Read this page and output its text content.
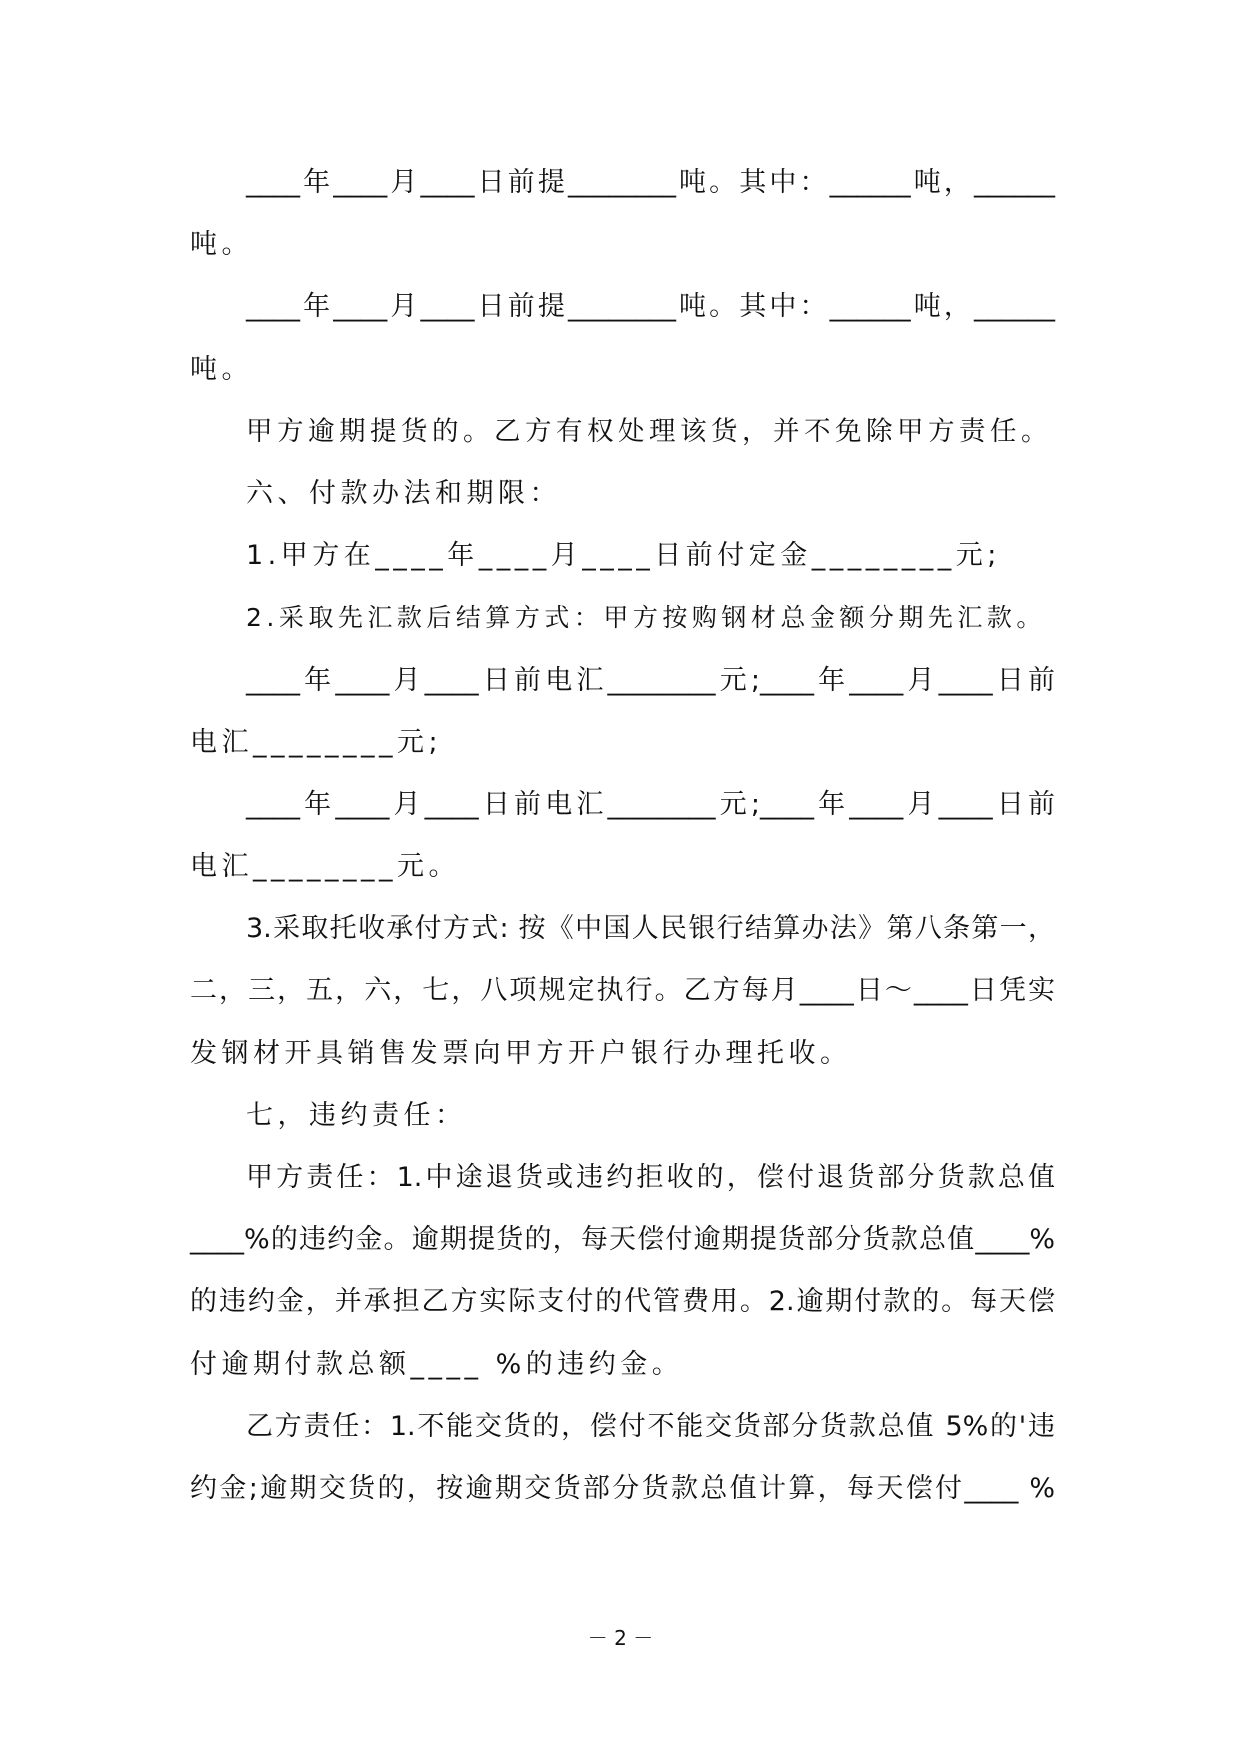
____年____月____日前提________吨。其中：______吨，______
吨。
____年____月____日前提________吨。其中：______吨，______
吨。
甲方逾期提货的。乙方有权处理该货，并不免除甲方责任。
六、付款办法和期限：
1.甲方在____年____月____日前付定金________元;
2.采取先汇款后结算方式：甲方按购钢材总金额分期先汇款。
____年____月____日前电汇________元;____年____月____日前
电汇________元;
____年____月____日前电汇________元;____年____月____日前
电汇________元。
3.采取托收承付方式: 按《中国人民银行结算办法》第八条第一，
二，三，五，六，七，八项规定执行。乙方每月____日～____日凭实
发钢材开具销售发票向甲方开户银行办理托收。
七，违约责任：
甲方责任：1.中途退货或违约拒收的，偿付退货部分货款总值
____%的违约金。逾期提货的，每天偿付逾期提货部分货款总值____%
的违约金，并承担乙方实际支付的代管费用。2.逾期付款的。每天偿
付逾期付款总额____ %的违约金。
乙方责任：1.不能交货的，偿付不能交货部分货款总值 5%的'违
约金;逾期交货的，按逾期交货部分货款总值计算，每天偿付____ %
－ 2 －
